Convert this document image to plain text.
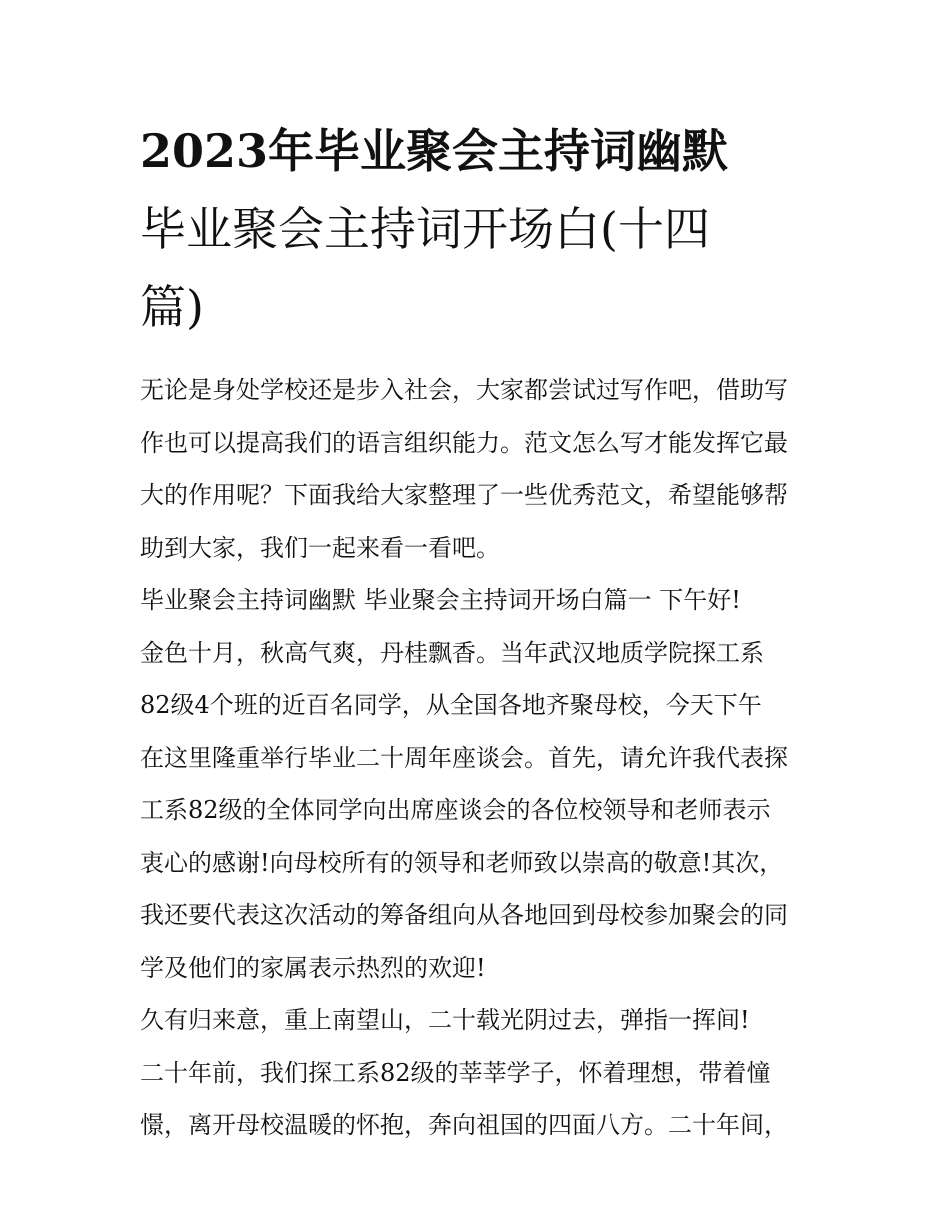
2023年毕业聚会主持词幽默
毕业聚会主持词开场白(十四
篇)
无论是身处学校还是步入社会，大家都尝试过写作吧，借助写
作也可以提高我们的语言组织能力。范文怎么写才能发挥它最
大的作用呢？下面我给大家整理了一些优秀范文，希望能够帮
助到大家，我们一起来看一看吧。
毕业聚会主持词幽默 毕业聚会主持词开场白篇一 下午好!
金色十月，秋高气爽，丹桂飘香。当年武汉地质学院探工系
82级4个班的近百名同学，从全国各地齐聚母校，今天下午
在这里隆重举行毕业二十周年座谈会。首先，请允许我代表探
工系82级的全体同学向出席座谈会的各位校领导和老师表示
衷心的感谢!向母校所有的领导和老师致以崇高的敬意!其次，
我还要代表这次活动的筹备组向从各地回到母校参加聚会的同
学及他们的家属表示热烈的欢迎!
久有归来意，重上南望山，二十载光阴过去，弹指一挥间!
二十年前，我们探工系82级的莘莘学子，怀着理想，带着憧
憬，离开母校温暖的怀抱，奔向祖国的四面八方。二十年间，
